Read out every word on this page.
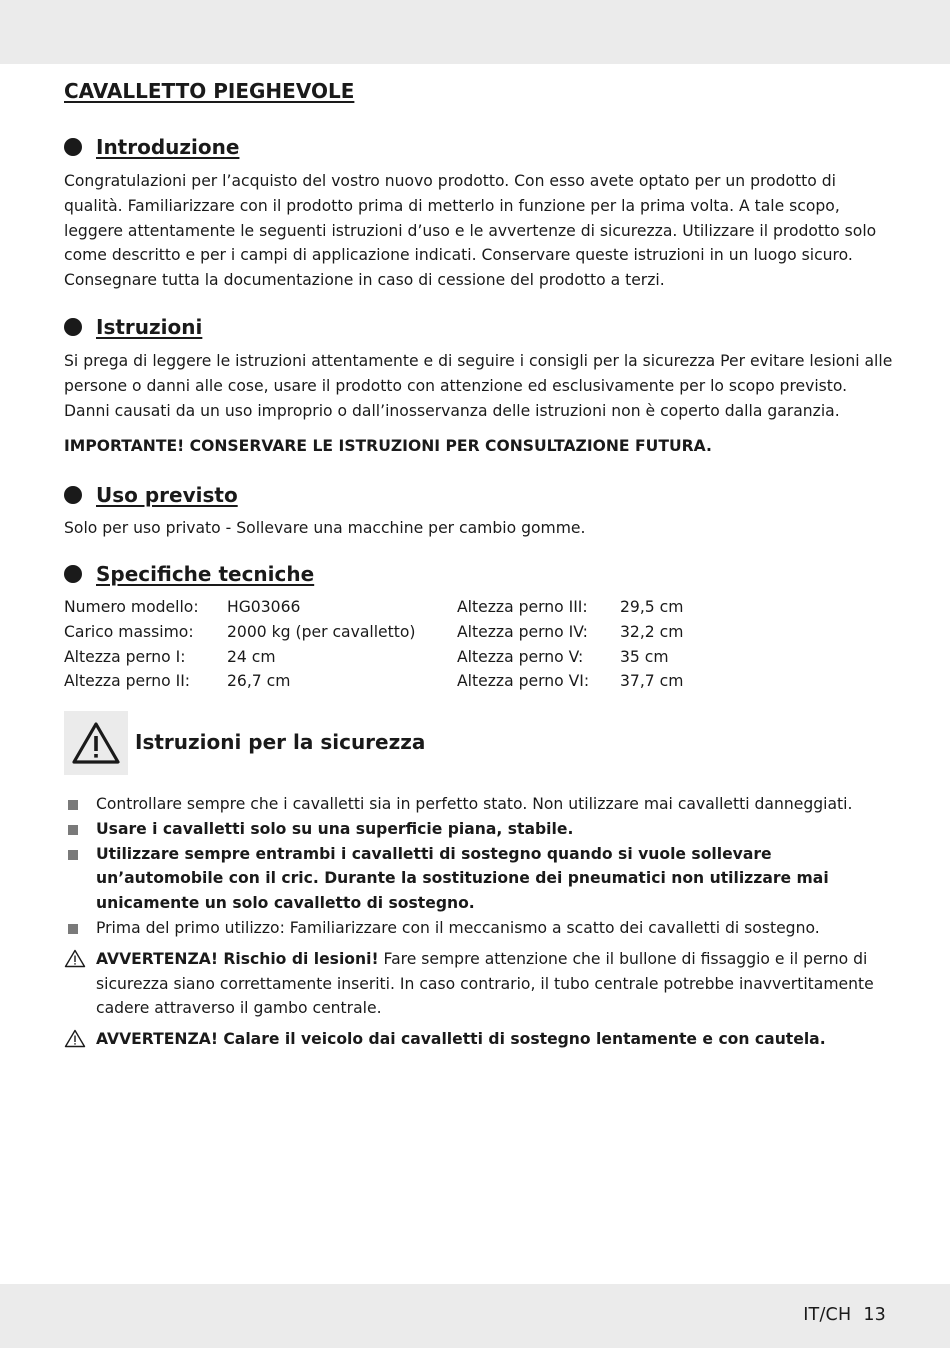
CAVALLETTO PIEGHEVOLE
Introduzione

Congratulazioni per l’acquisto del vostro nuovo prodotto. Con esso avete optato per un prodotto di qualità. Familiarizzare con il prodotto prima di metterlo in funzione per la prima volta. A tale scopo, leggere attentamente le seguenti istruzioni d’uso e le avvertenze di sicurezza. Utilizzare il prodotto solo come descritto e per i campi di applicazione indicati. Conservare queste istruzioni in un luogo sicuro. Consegnare tutta la documentazione in caso di cessione del prodotto a terzi.

Istruzioni

Si prega di leggere le istruzioni attentamente e di seguire i consigli per la sicurezza Per evitare lesioni alle persone o danni alle cose, usare il prodotto con attenzione ed esclusivamente per lo scopo previsto. Danni causati da un uso improprio o dall’inosservanza delle istruzioni non è coperto dalla garanzia.

IMPORTANTE! CONSERVARE LE ISTRUZIONI PER CONSULTAZIONE FUTURA.
Uso previsto

Solo per uso privato - Sollevare una macchine per cambio gomme.

Specifiche tecniche
Numero modello:	HG03066
Carico massimo:	2000 kg (per cavalletto)
Altezza perno I:	24 cm
Altezza perno II:	26,7 cm
Altezza perno III:	29,5 cm
Altezza perno IV:	32,2 cm
Altezza perno V:	35 cm
Altezza perno VI:	37,7 cm
Istruzioni per la sicurezza
Controllare sempre che i cavalletti sia in perfetto stato. Non utilizzare mai cavalletti danneggiati.
Usare i cavalletti solo su una superficie piana, stabile.
Utilizzare sempre entrambi i cavalletti di sostegno quando si vuole sollevare un’automobile con il cric. Durante la sostituzione dei pneumatici non utilizzare mai unicamente un solo cavalletto di sostegno.
Prima del primo utilizzo: Familiarizzare con il meccanismo a scatto dei cavalletti di sostegno.
AVVERTENZA! Rischio di lesioni! Fare sempre attenzione che il bullone di fissaggio e il perno di sicurezza siano correttamente inseriti. In caso contrario, il tubo centrale potrebbe inavvertitamente cadere attraverso il gambo centrale.
AVVERTENZA! Calare il veicolo dai cavalletti di sostegno lentamente e con cautela.
IT/CH 13
